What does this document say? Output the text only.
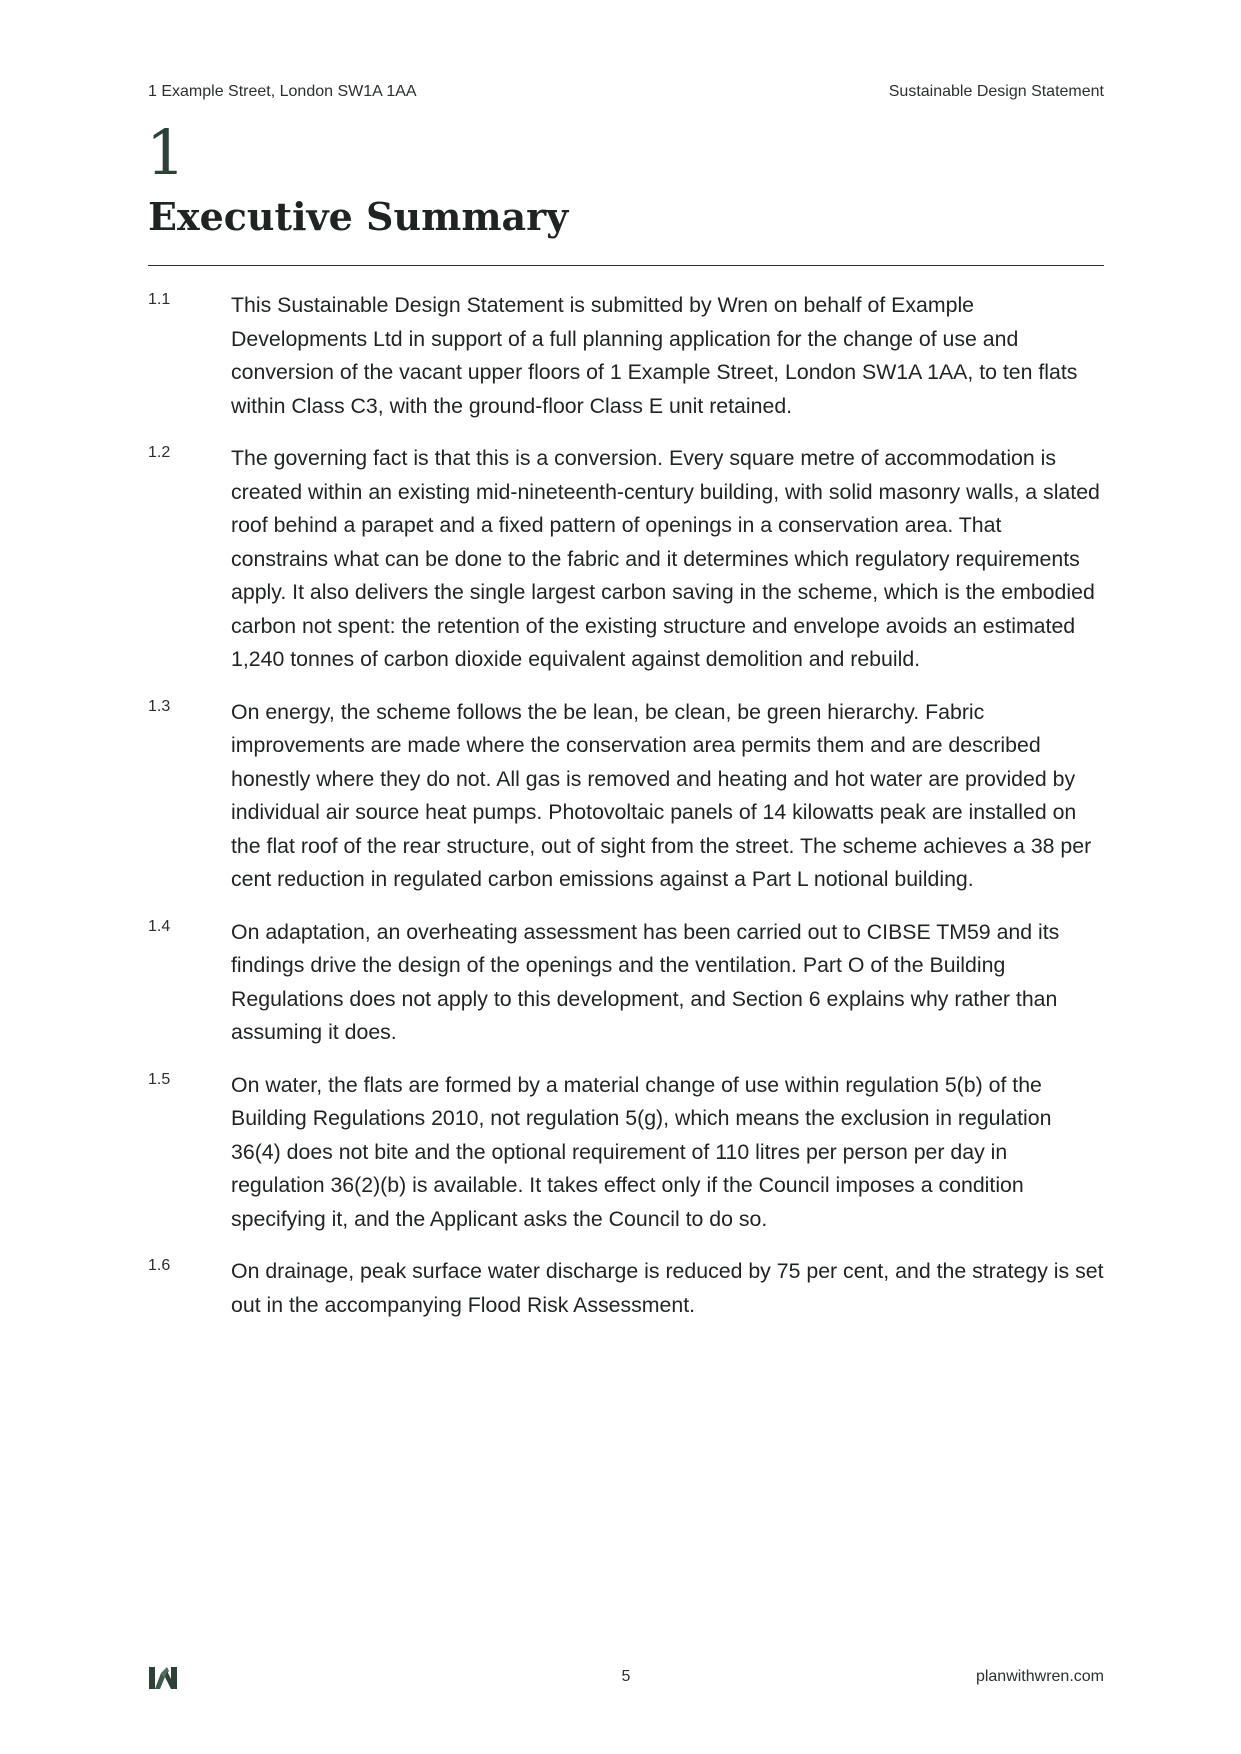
1 Example Street, London SW1A 1AA	Sustainable Design Statement
1
Executive Summary
1.1	This Sustainable Design Statement is submitted by Wren on behalf of Example Developments Ltd in support of a full planning application for the change of use and conversion of the vacant upper floors of 1 Example Street, London SW1A 1AA, to ten flats within Class C3, with the ground-floor Class E unit retained.
1.2	The governing fact is that this is a conversion. Every square metre of accommodation is created within an existing mid-nineteenth-century building, with solid masonry walls, a slated roof behind a parapet and a fixed pattern of openings in a conservation area. That constrains what can be done to the fabric and it determines which regulatory requirements apply. It also delivers the single largest carbon saving in the scheme, which is the embodied carbon not spent: the retention of the existing structure and envelope avoids an estimated 1,240 tonnes of carbon dioxide equivalent against demolition and rebuild.
1.3	On energy, the scheme follows the be lean, be clean, be green hierarchy. Fabric improvements are made where the conservation area permits them and are described honestly where they do not. All gas is removed and heating and hot water are provided by individual air source heat pumps. Photovoltaic panels of 14 kilowatts peak are installed on the flat roof of the rear structure, out of sight from the street. The scheme achieves a 38 per cent reduction in regulated carbon emissions against a Part L notional building.
1.4	On adaptation, an overheating assessment has been carried out to CIBSE TM59 and its findings drive the design of the openings and the ventilation. Part O of the Building Regulations does not apply to this development, and Section 6 explains why rather than assuming it does.
1.5	On water, the flats are formed by a material change of use within regulation 5(b) of the Building Regulations 2010, not regulation 5(g), which means the exclusion in regulation 36(4) does not bite and the optional requirement of 110 litres per person per day in regulation 36(2)(b) is available. It takes effect only if the Council imposes a condition specifying it, and the Applicant asks the Council to do so.
1.6	On drainage, peak surface water discharge is reduced by 75 per cent, and the strategy is set out in the accompanying Flood Risk Assessment.
5	planwithwren.com
